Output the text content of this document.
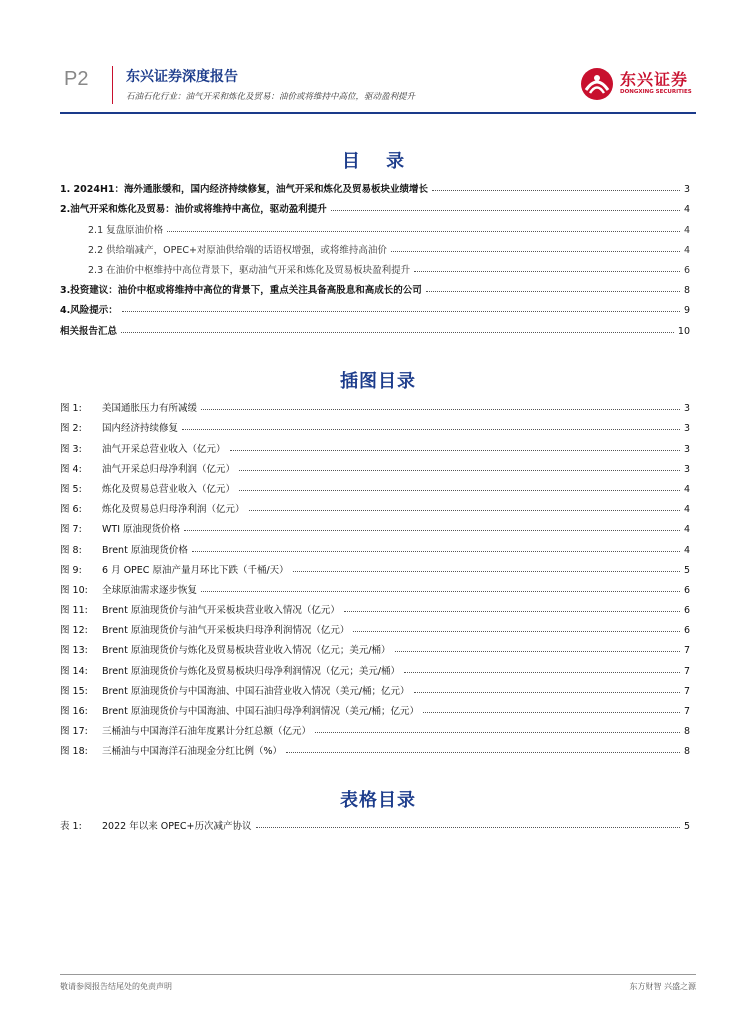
P2	东兴证券深度报告
石油石化行业：油气开采和炼化及贸易：油价或将维持中高位，驱动盈利提升
东兴证券
DONGXING SECURITIES
目 录
1. 2024H1：海外通胀缓和，国内经济持续修复，油气开采和炼化及贸易板块业绩增长	3
2.油气开采和炼化及贸易：油价或将维持中高位，驱动盈利提升	4
2.1 复盘原油价格	4
2.2 供给端减产，OPEC+对原油供给端的话语权增强，或将维持高油价	4
2.3 在油价中枢维持中高位背景下，驱动油气开采和炼化及贸易板块盈利提升	6
3.投资建议：油价中枢或将维持中高位的背景下，重点关注具备高股息和高成长的公司	8
4.风险提示：	9
相关报告汇总	10
插图目录
图 1:	美国通胀压力有所减缓	3
图 2:	国内经济持续修复	3
图 3:	油气开采总营业收入（亿元）	3
图 4:	油气开采总归母净利润（亿元）	3
图 5:	炼化及贸易总营业收入（亿元）	4
图 6:	炼化及贸易总归母净利润（亿元）	4
图 7:	WTI 原油现货价格	4
图 8:	Brent 原油现货价格	4
图 9:	6 月 OPEC 原油产量月环比下跌（千桶/天）	5
图 10:	全球原油需求逐步恢复	6
图 11:	Brent 原油现货价与油气开采板块营业收入情况（亿元）	6
图 12:	Brent 原油现货价与油气开采板块归母净利润情况（亿元）	6
图 13:	Brent 原油现货价与炼化及贸易板块营业收入情况（亿元；美元/桶）	7
图 14:	Brent 原油现货价与炼化及贸易板块归母净利润情况（亿元；美元/桶）	7
图 15:	Brent 原油现货价与中国海油、中国石油营业收入情况（美元/桶；亿元）	7
图 16:	Brent 原油现货价与中国海油、中国石油归母净利润情况（美元/桶；亿元）	7
图 17:	三桶油与中国海洋石油年度累计分红总额（亿元）	8
图 18:	三桶油与中国海洋石油现金分红比例（%）	8
表格目录
表 1:	2022 年以来 OPEC+历次减产协议	5
敬请参阅报告结尾处的免责声明	东方财智 兴盛之源
